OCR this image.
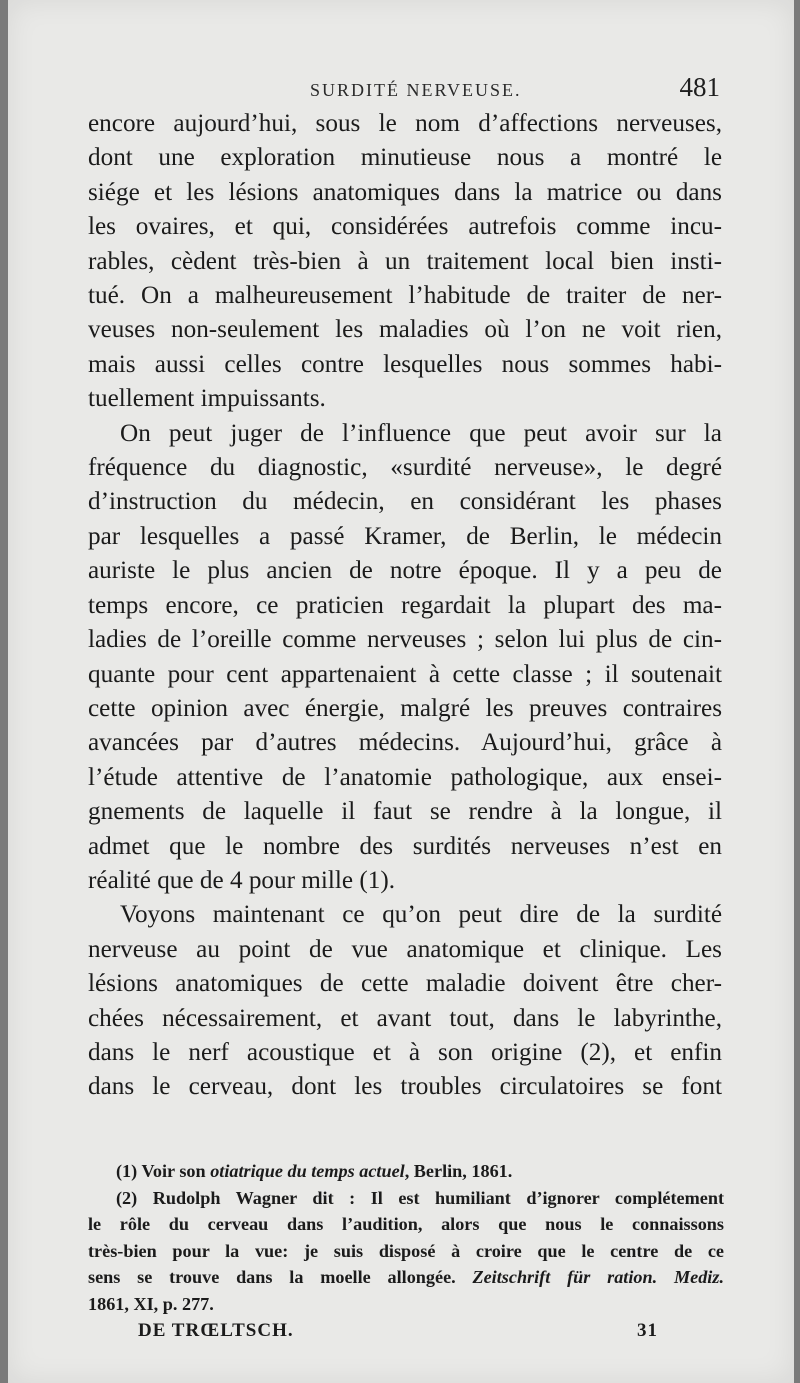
SURDITÉ NERVEUSE.	481

encore aujourd’hui, sous le nom d’affections nerveuses,
dont une exploration minutieuse nous a montré le
siége et les lésions anatomiques dans la matrice ou dans
les ovaires, et qui, considérées autrefois comme incu-
rables, cèdent très-bien à un traitement local bien insti-
tué. On a malheureusement l’habitude de traiter de ner-
veuses non-seulement les maladies où l’on ne voit rien,
mais aussi celles contre lesquelles nous sommes habi-
tuellement impuissants.

On peut juger de l’influence que peut avoir sur la
fréquence du diagnostic, «surdité nerveuse», le degré
d’instruction du médecin, en considérant les phases
par lesquelles a passé Kramer, de Berlin, le médecin
auriste le plus ancien de notre époque. Il y a peu de
temps encore, ce praticien regardait la plupart des ma-
ladies de l’oreille comme nerveuses ; selon lui plus de cin-
quante pour cent appartenaient à cette classe ; il soutenait
cette opinion avec énergie, malgré les preuves contraires
avancées par d’autres médecins. Aujourd’hui, grâce à
l’étude attentive de l’anatomie pathologique, aux ensei-
gnements de laquelle il faut se rendre à la longue, il
admet que le nombre des surdités nerveuses n’est en
réalité que de 4 pour mille (1).

Voyons maintenant ce qu’on peut dire de la surdité
nerveuse au point de vue anatomique et clinique. Les
lésions anatomiques de cette maladie doivent être cher-
chées nécessairement, et avant tout, dans le labyrinthe,
dans le nerf acoustique et à son origine (2), et enfin
dans le cerveau, dont les troubles circulatoires se font

(1) Voir son otiatrique du temps actuel, Berlin, 1861.
(2) Rudolph Wagner dit : Il est humiliant d’ignorer complétement
le rôle du cerveau dans l’audition, alors que nous le connaissons
très-bien pour la vue: je suis disposé à croire que le centre de ce
sens se trouve dans la moelle allongée. Zeitschrift für ration. Mediz.
1861, XI, p. 277.
DE TRŒLTSCH.	31
